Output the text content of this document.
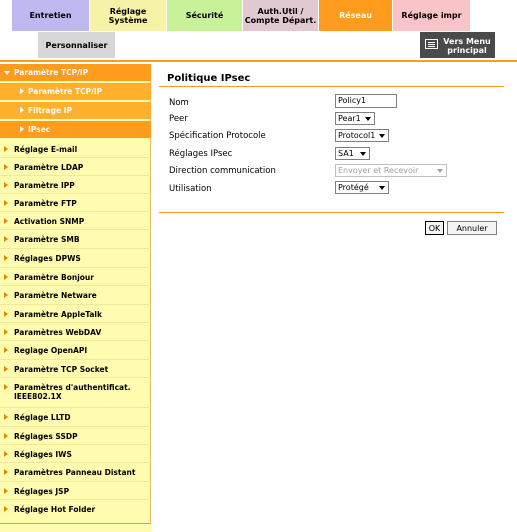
Entretien	Réglage Système	Sécurité	Auth.Util / Compte Départ.	Réseau	Réglage impr
Personnaliser	Vers Menu principal
Paramètre TCP/IP
Paramètre TCP/IP
Filtrage IP
IPsec
Réglage E-mail
Paramètre LDAP
Paramètre IPP
Paramètre FTP
Activation SNMP
Paramètre SMB
Réglages DPWS
Paramètre Bonjour
Paramètre Netware
Paramètre AppleTalk
Paramètres WebDAV
Reglage OpenAPI
Paramètre TCP Socket
Paramètres d'authentificat. IEEE802.1X
Réglage LLTD
Réglages SSDP
Réglages IWS
Paramètres Panneau Distant
Réglages JSP
Réglage Hot Folder
Politique IPsec
Nom	Policy1
Peer	Pear1
Spécification Protocole	Protocol1
Réglages IPsec	SA1
Direction communication	Envoyer et Recevoir
Utilisation	Protégé
OK	Annuler
